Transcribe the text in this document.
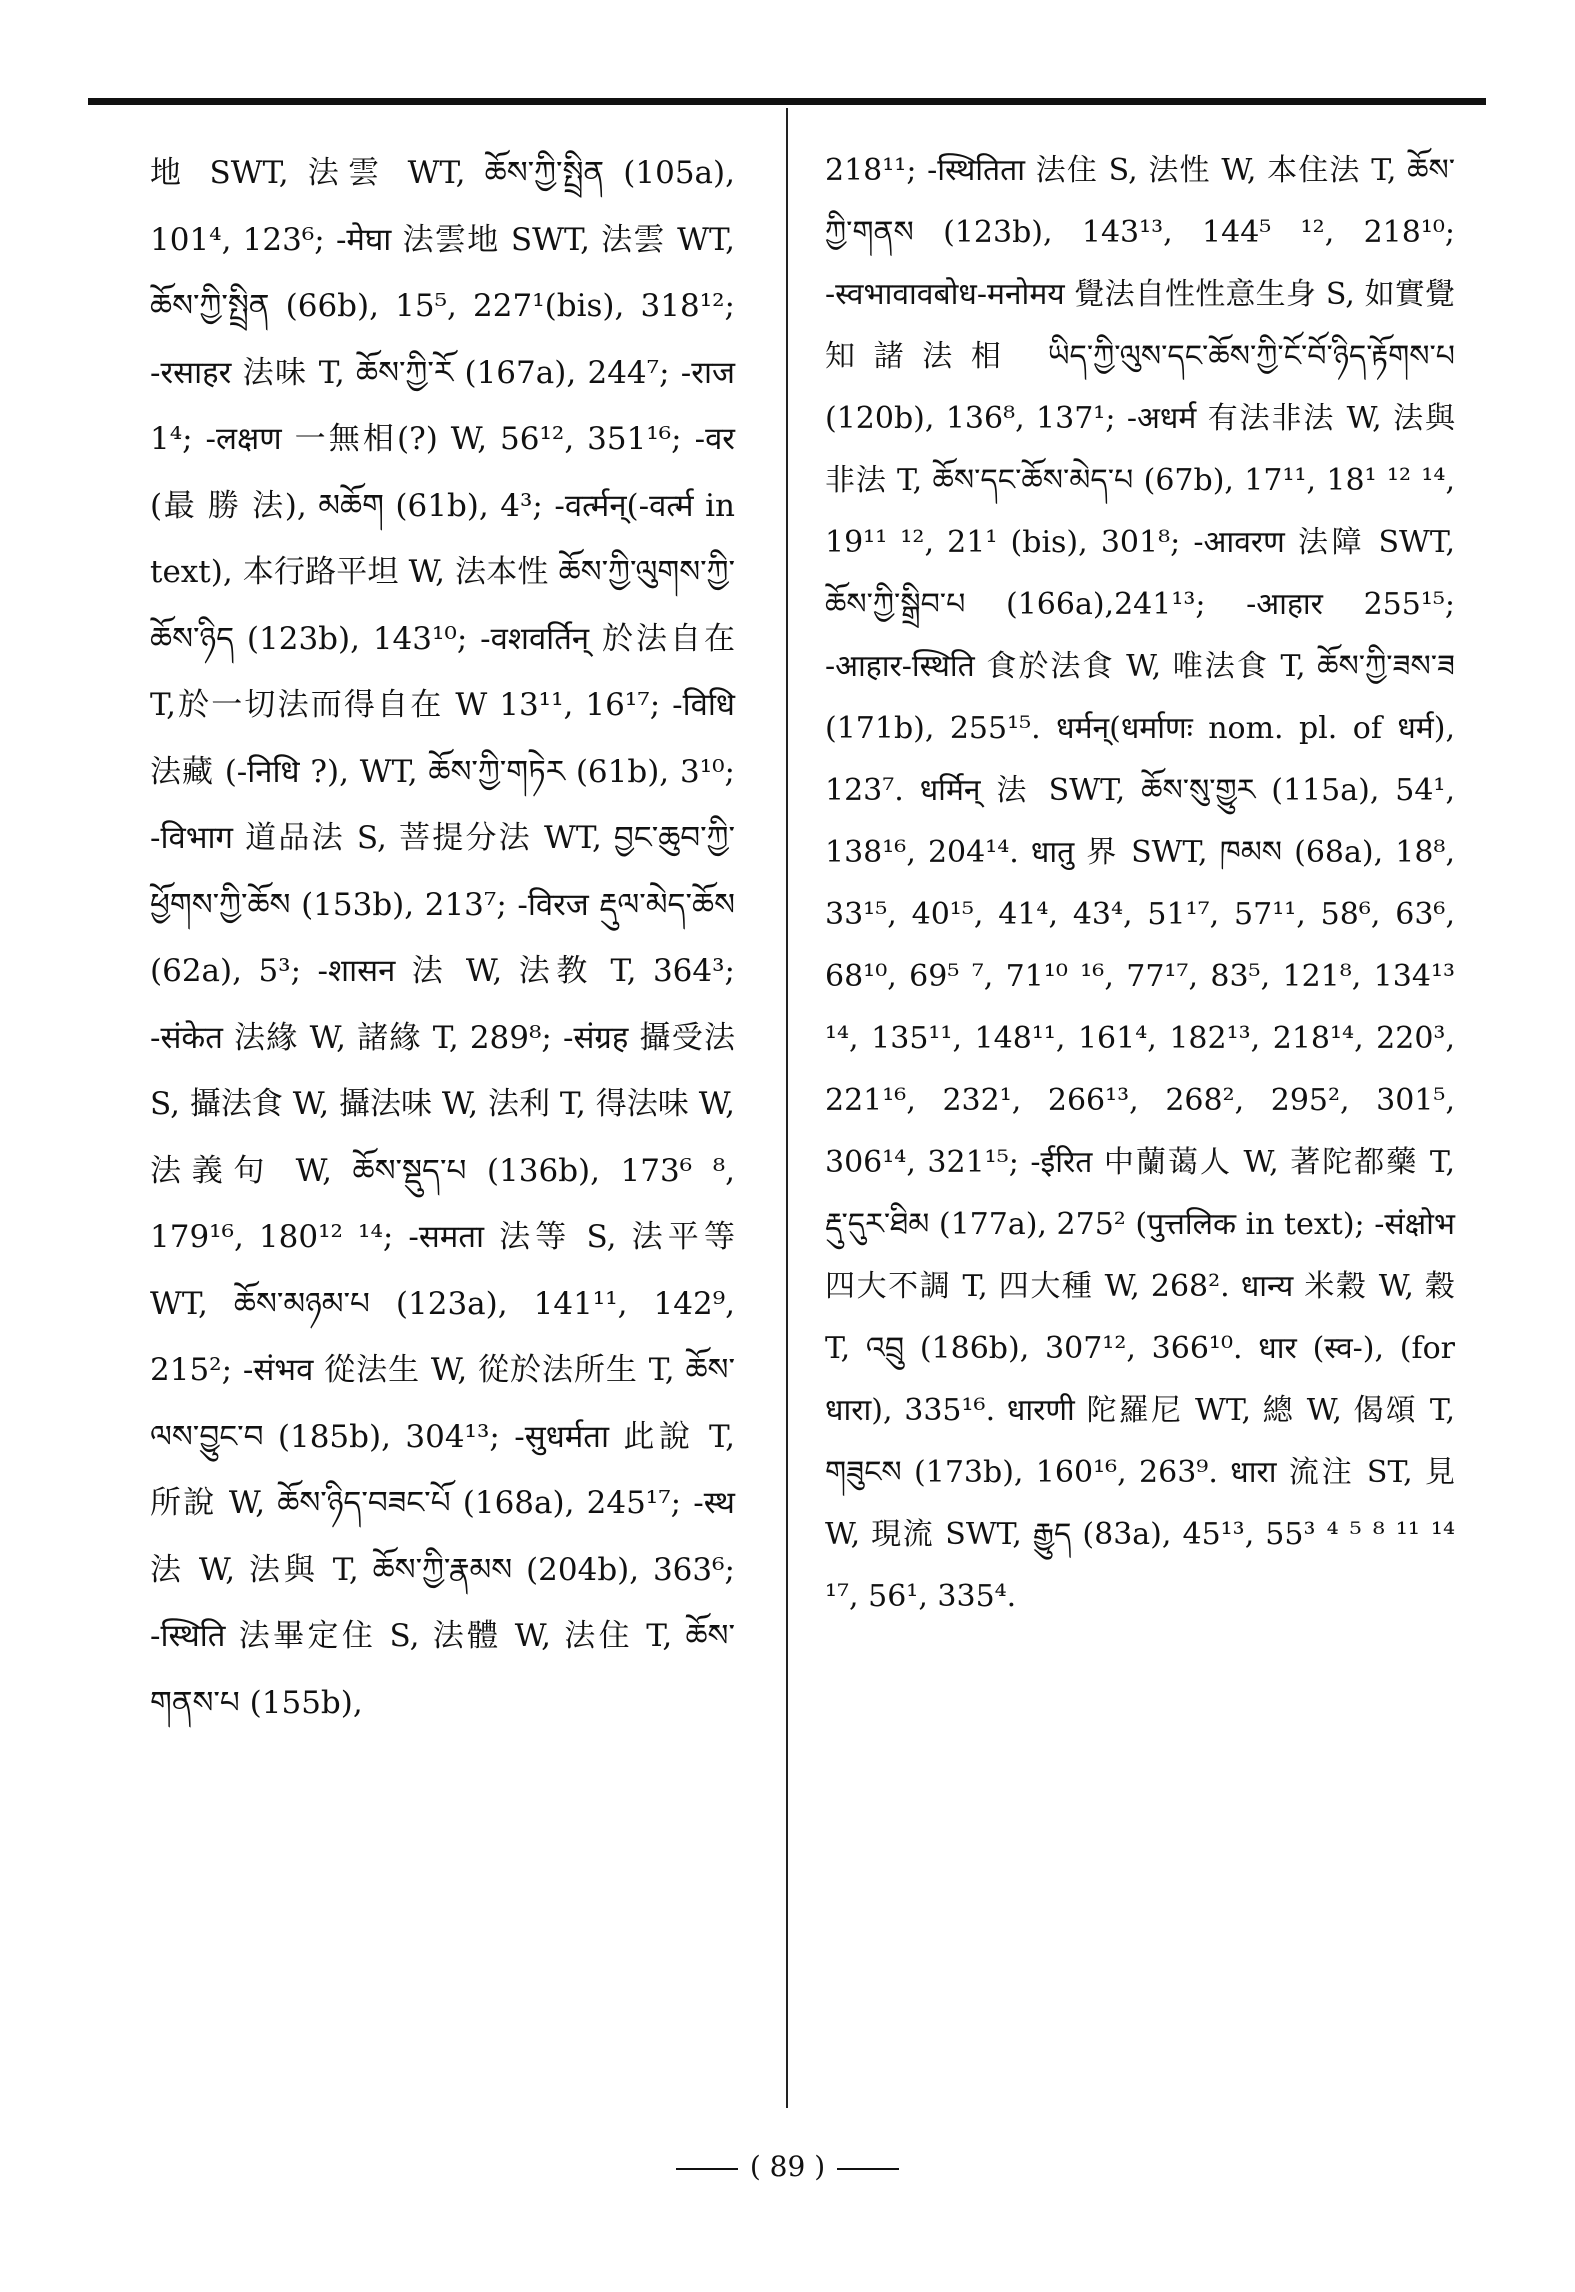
地 SWT, 法雲 WT, ཆོས་ཀྱི་སྤྲིན (105a), 101⁴, 123⁶; -मेघा 法雲地 SWT, 法雲 WT, ཆོས་ཀྱི་སྤྲིན (66b), 15⁵, 227¹(bis), 318¹²; -रसाहर 法味 T, ཆོས་ཀྱི་རོ (167a), 244⁷; -राज 1⁴; -लक्षण 一無相(?) W, 56¹², 351¹⁶; -वर (最 勝 法), མཆོག (61b), 4³; -वर्त्मन्(-वर्त्म in text), 本行路平坦 W, 法本性 ཆོས་ཀྱི་ལུགས་ཀྱི་ཆོས་ཉིད (123b), 143¹⁰; -वशवर्तिन् 於法自在 T,於一切法而得自在 W 13¹¹, 16¹⁷; -विधि 法藏 (-निधि ?), WT, ཆོས་ཀྱི་གཏེར (61b), 3¹⁰; -विभाग 道品法 S, 菩提分法 WT, བྱང་ཆུབ་ཀྱི་ཕྱོགས་ཀྱི་ཆོས (153b), 213⁷; -विरज རྡུལ་མེད་ཆོས (62a), 5³; -शासन 法 W, 法教 T, 364³; -संकेत 法緣 W, 諸緣 T, 289⁸; -संग्रह 攝受法 S, 攝法食 W, 攝法味 W, 法利 T, 得法味 W, 法義句 W, ཆོས་སྡུད་པ (136b), 173⁶ ⁸, 179¹⁶, 180¹² ¹⁴; -समता 法等 S, 法平等 WT, ཆོས་མཉམ་པ (123a), 141¹¹, 142⁹, 215²; -संभव 從法生 W, 從於法所生 T, ཆོས་ལས་བྱུང་བ (185b), 304¹³; -सुधर्मता 此說 T, 所說 W, ཆོས་ཉིད་བཟང་པོ (168a), 245¹⁷; -स्थ 法 W, 法與 T, ཆོས་ཀྱི་རྣམས (204b), 363⁶; -स्थिति 法畢定住 S, 法體 W, 法住 T, ཆོས་གནས་པ (155b),

218¹¹; -स्थितिता 法住 S, 法性 W, 本住法 T, ཆོས་ཀྱི་གནས (123b), 143¹³, 144⁵ ¹², 218¹⁰; -स्वभावावबोध-मनोमय 覺法自性性意生身 S, 如實覺知諸法相 ཡིད་ཀྱི་ལུས་དང་ཆོས་ཀྱི་ངོ་བོ་ཉིད་རྟོགས་པ (120b), 136⁸, 137¹; -अधर्म 有法非法 W, 法與非法 T, ཆོས་དང་ཆོས་མེད་པ (67b), 17¹¹, 18¹ ¹² ¹⁴, 19¹¹ ¹², 21¹ (bis), 301⁸; -आवरण 法障 SWT, ཆོས་ཀྱི་སྒྲིབ་པ (166a),241¹³; -आहार 255¹⁵; -आहार-स्थिति 食於法食 W, 唯法食 T, ཆོས་ཀྱི་ཟས་ཟ (171b), 255¹⁵. धर्मन्(धर्माणः nom. pl. of धर्म), 123⁷. धर्मिन् 法 SWT, ཆོས་སུ་གྱུར (115a), 54¹, 138¹⁶, 204¹⁴. धातु 界 SWT, ཁམས (68a), 18⁸, 33¹⁵, 40¹⁵, 41⁴, 43⁴, 51¹⁷, 57¹¹, 58⁶, 63⁶, 68¹⁰, 69⁵ ⁷, 71¹⁰ ¹⁶, 77¹⁷, 83⁵, 121⁸, 134¹³ ¹⁴, 135¹¹, 148¹¹, 161⁴, 182¹³, 218¹⁴, 220³, 221¹⁶, 232¹, 266¹³, 268², 295², 301⁵, 306¹⁴, 321¹⁵; -ईरित 中蘭蔼人 W, 著陀都藥 T, རྡུ་དུར་ཐིམ (177a), 275² (पुत्तलिक in text); -संक्षोभ 四大不調 T, 四大種 W, 268². धान्य 米穀 W, 穀 T, འབྲུ (186b), 307¹², 366¹⁰. धार (स्व-), (for धारा), 335¹⁶. धारणी 陀羅尼 WT, 總 W, 偈頌 T, གཟུངས (173b), 160¹⁶, 263⁹. धारा 流注 ST, 見 W, 現流 SWT, རྒྱུད (83a), 45¹³, 55³ ⁴ ⁵ ⁸ ¹¹ ¹⁴ ¹⁷, 56¹, 335⁴.

( 89 )
